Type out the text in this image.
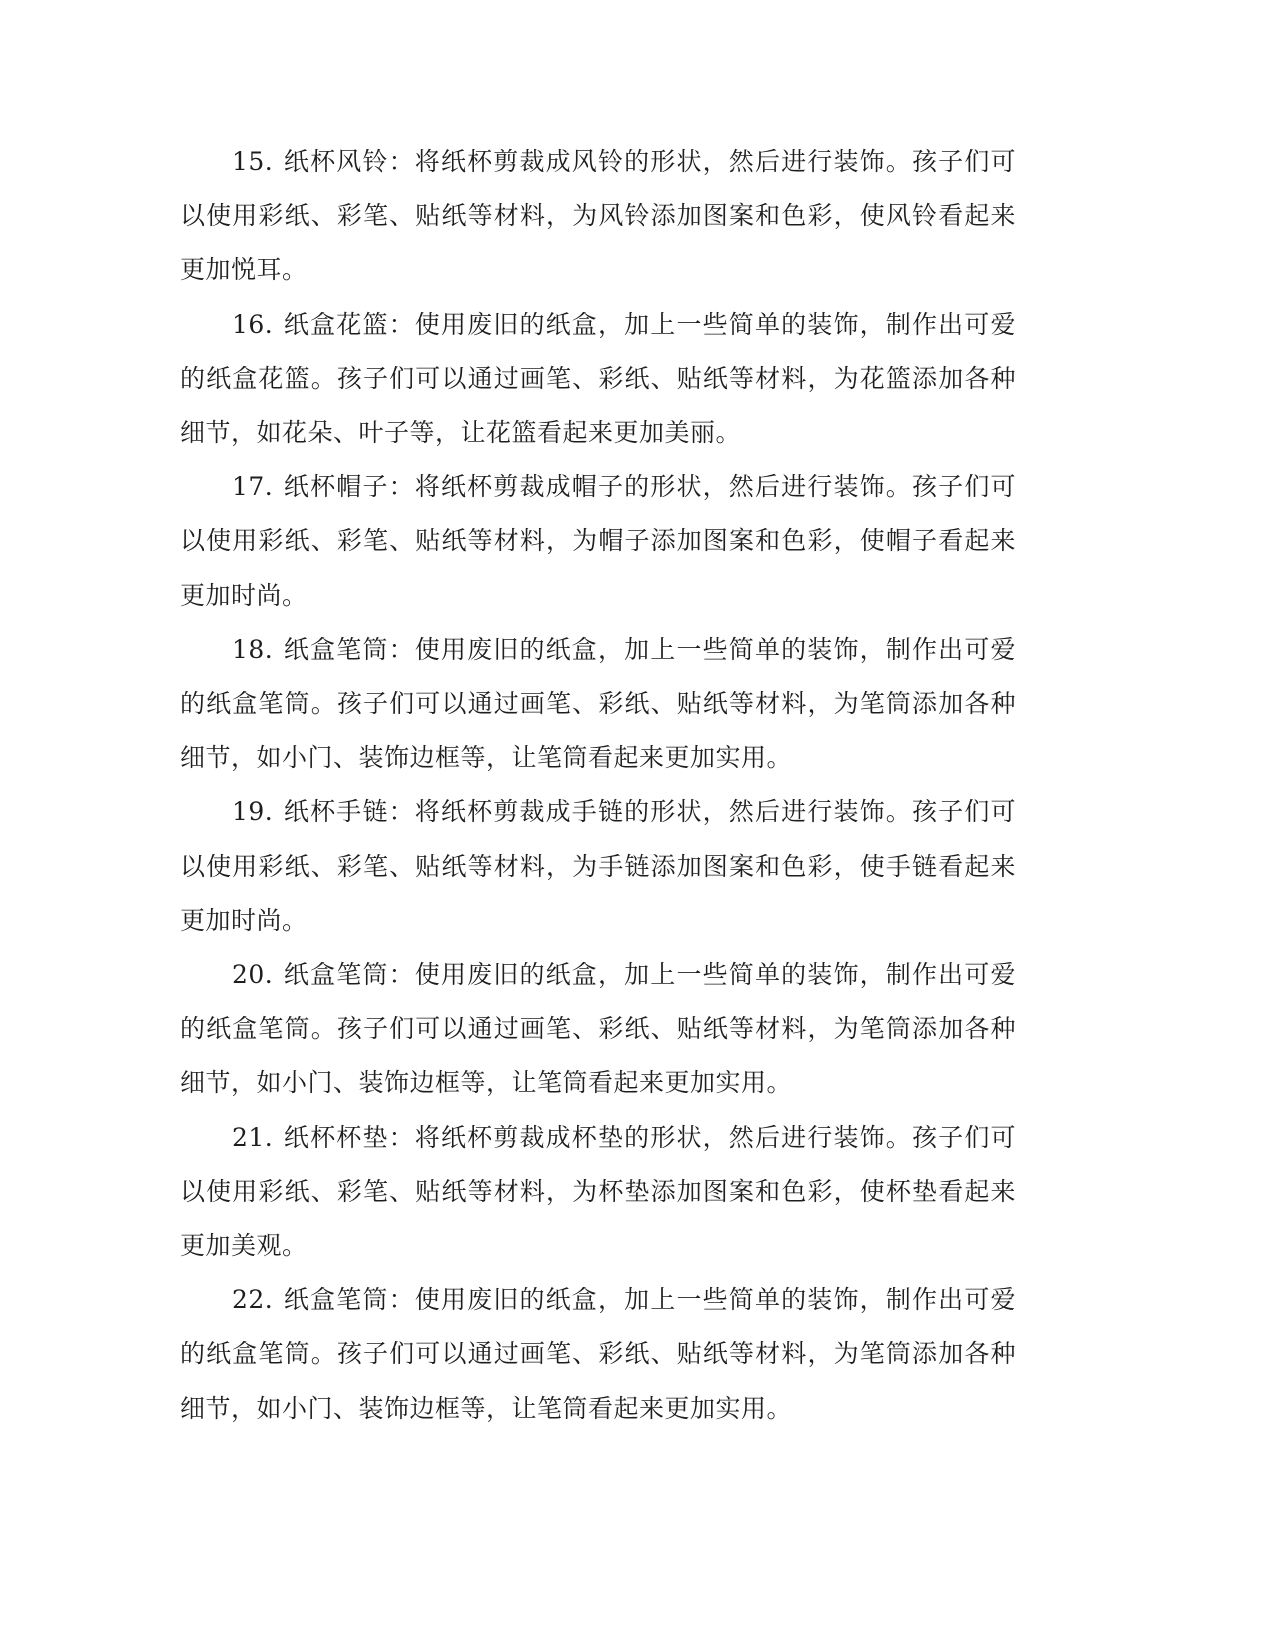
15. 纸杯风铃：将纸杯剪裁成风铃的形状，然后进行装饰。孩子们可以使用彩纸、彩笔、贴纸等材料，为风铃添加图案和色彩，使风铃看起来更加悦耳。

16. 纸盒花篮：使用废旧的纸盒，加上一些简单的装饰，制作出可爱的纸盒花篮。孩子们可以通过画笔、彩纸、贴纸等材料，为花篮添加各种细节，如花朵、叶子等，让花篮看起来更加美丽。

17. 纸杯帽子：将纸杯剪裁成帽子的形状，然后进行装饰。孩子们可以使用彩纸、彩笔、贴纸等材料，为帽子添加图案和色彩，使帽子看起来更加时尚。

18. 纸盒笔筒：使用废旧的纸盒，加上一些简单的装饰，制作出可爱的纸盒笔筒。孩子们可以通过画笔、彩纸、贴纸等材料，为笔筒添加各种细节，如小门、装饰边框等，让笔筒看起来更加实用。

19. 纸杯手链：将纸杯剪裁成手链的形状，然后进行装饰。孩子们可以使用彩纸、彩笔、贴纸等材料，为手链添加图案和色彩，使手链看起来更加时尚。

20. 纸盒笔筒：使用废旧的纸盒，加上一些简单的装饰，制作出可爱的纸盒笔筒。孩子们可以通过画笔、彩纸、贴纸等材料，为笔筒添加各种细节，如小门、装饰边框等，让笔筒看起来更加实用。

21. 纸杯杯垫：将纸杯剪裁成杯垫的形状，然后进行装饰。孩子们可以使用彩纸、彩笔、贴纸等材料，为杯垫添加图案和色彩，使杯垫看起来更加美观。

22. 纸盒笔筒：使用废旧的纸盒，加上一些简单的装饰，制作出可爱的纸盒笔筒。孩子们可以通过画笔、彩纸、贴纸等材料，为笔筒添加各种细节，如小门、装饰边框等，让笔筒看起来更加实用。
